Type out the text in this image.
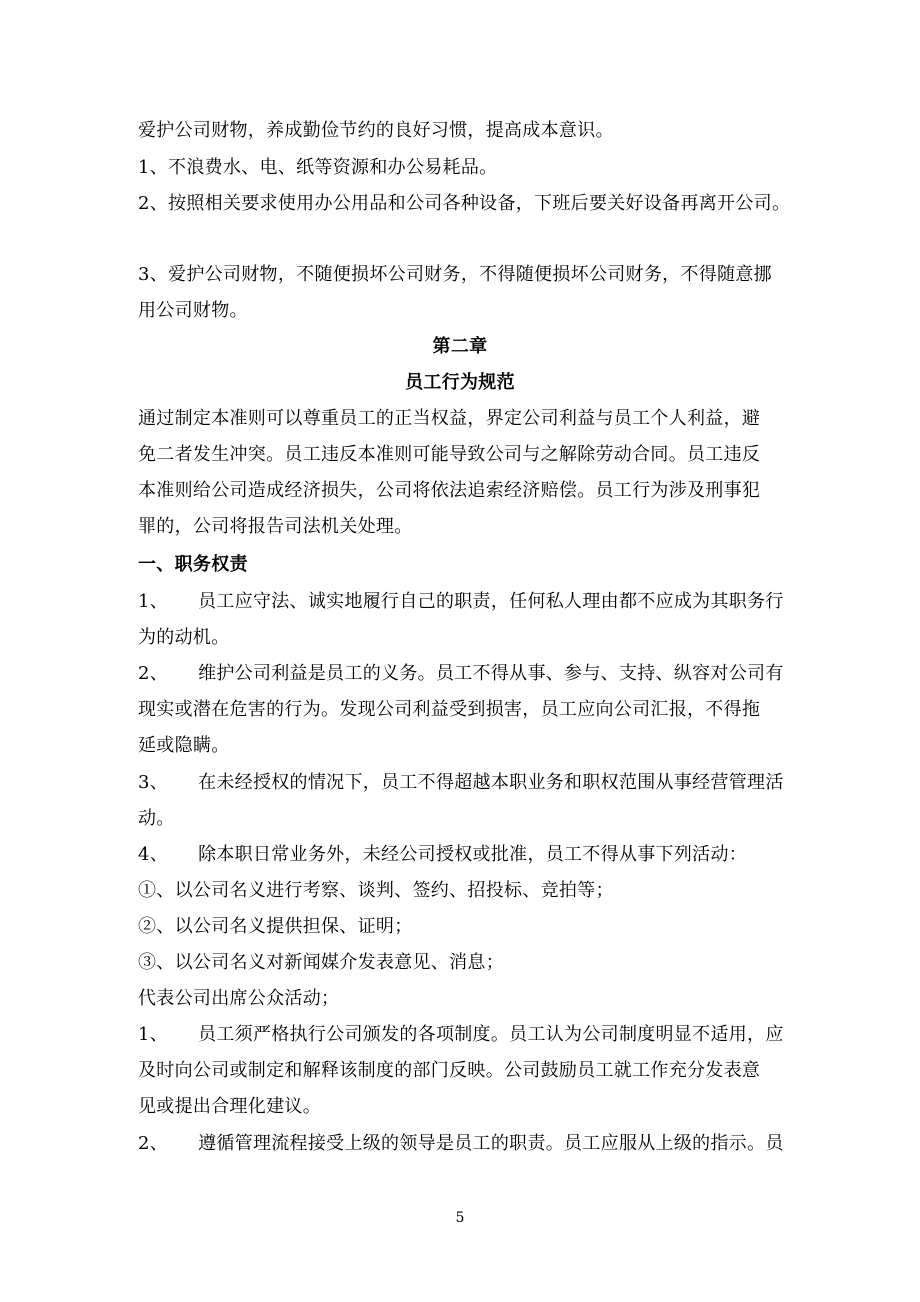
爱护公司财物，养成勤俭节约的良好习惯，提高成本意识。
1、不浪费水、电、纸等资源和办公易耗品。
2、按照相关要求使用办公用品和公司各种设备，下班后要关好设备再离开公司。
3、爱护公司财物，不随便损坏公司财务，不得随便损坏公司财务，不得随意挪
用公司财物。
第二章
员工行为规范
通过制定本准则可以尊重员工的正当权益，界定公司利益与员工个人利益，避
免二者发生冲突。员工违反本准则可能导致公司与之解除劳动合同。员工违反
本准则给公司造成经济损失，公司将依法追索经济赔偿。员工行为涉及刑事犯
罪的，公司将报告司法机关处理。
一、职务权责
1、 员工应守法、诚实地履行自己的职责，任何私人理由都不应成为其职务行
为的动机。
2、 维护公司利益是员工的义务。员工不得从事、参与、支持、纵容对公司有
现实或潜在危害的行为。发现公司利益受到损害，员工应向公司汇报，不得拖
延或隐瞒。
3、 在未经授权的情况下，员工不得超越本职业务和职权范围从事经营管理活
动。
4、 除本职日常业务外，未经公司授权或批准，员工不得从事下列活动：
①、以公司名义进行考察、谈判、签约、招投标、竞拍等；
②、以公司名义提供担保、证明；
③、以公司名义对新闻媒介发表意见、消息；
代表公司出席公众活动；
1、 员工须严格执行公司颁发的各项制度。员工认为公司制度明显不适用，应
及时向公司或制定和解释该制度的部门反映。公司鼓励员工就工作充分发表意
见或提出合理化建议。
2、 遵循管理流程接受上级的领导是员工的职责。员工应服从上级的指示。员
5
